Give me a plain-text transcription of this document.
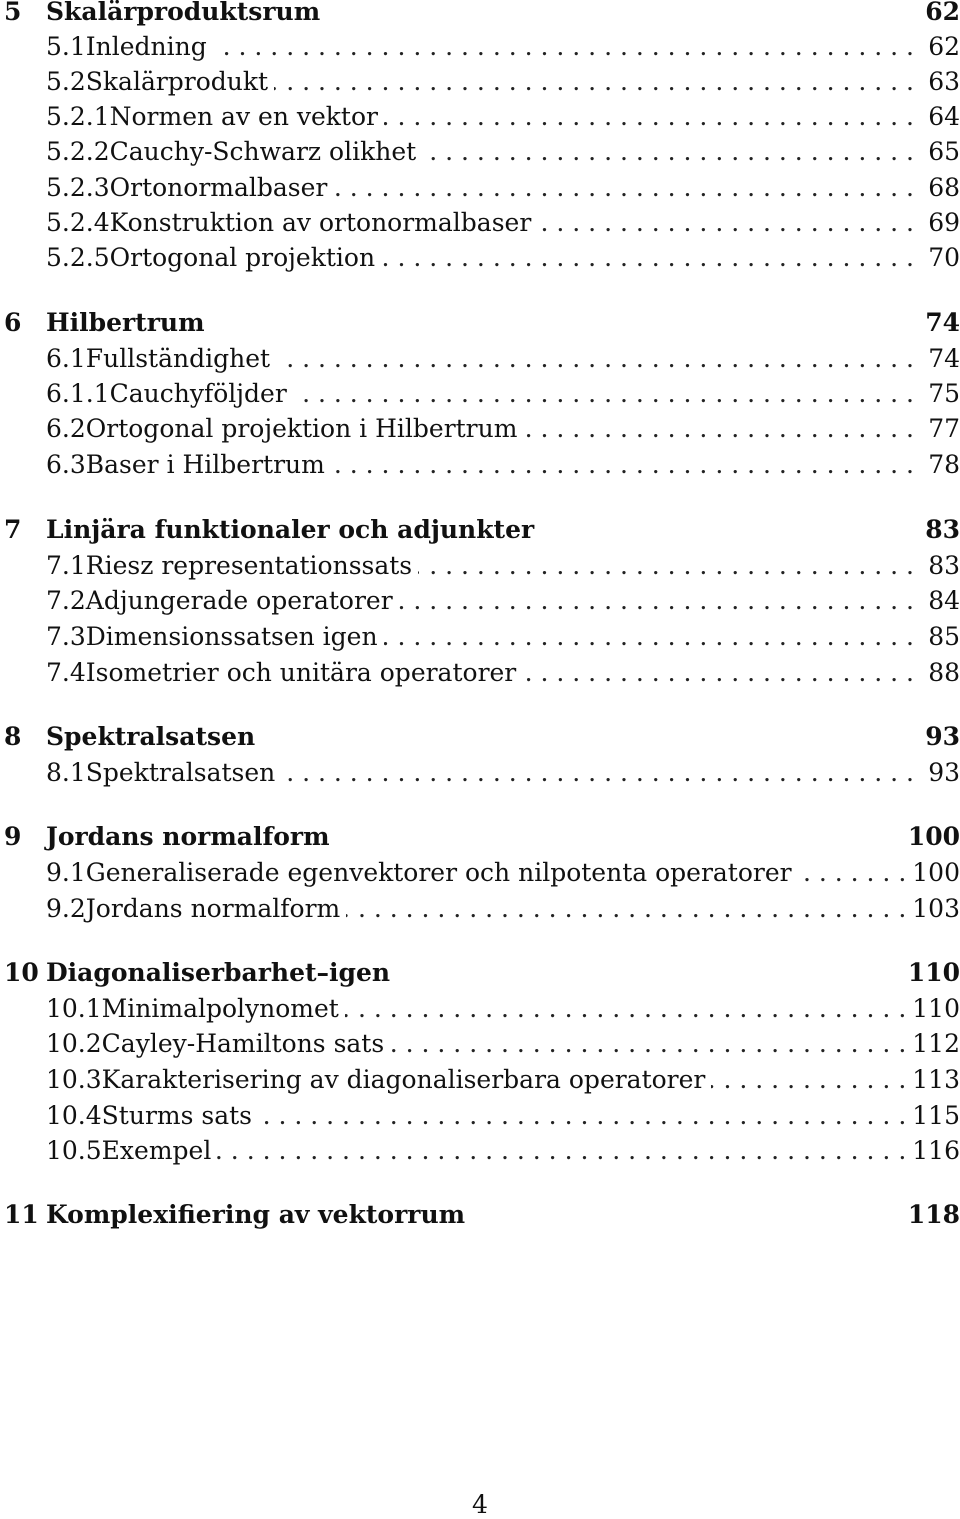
5 Skalärproduktsrum	62
5.1 Inledning . . .	62
5.2 Skalärprodukt . . .	63
5.2.1 Normen av en vektor . . .	64
5.2.2 Cauchy-Schwarz olikhet . . .	65
5.2.3 Ortonormalbaser . . .	68
5.2.4 Konstruktion av ortonormalbaser . . .	69
5.2.5 Ortogonal projektion . . .	70
6 Hilbertrum	74
6.1 Fullständighet . . .	74
6.1.1 Cauchyföljder . . .	75
6.2 Ortogonal projektion i Hilbertrum . . .	77
6.3 Baser i Hilbertrum . . .	78
7 Linjära funktionaler och adjunkter	83
7.1 Riesz representationssats . . .	83
7.2 Adjungerade operatorer . . .	84
7.3 Dimensionssatsen igen . . .	85
7.4 Isometrier och unitära operatorer . . .	88
8 Spektralsatsen	93
8.1 Spektralsatsen . . .	93
9 Jordans normalform	100
9.1 Generaliserade egenvektorer och nilpotenta operatorer . . .	100
9.2 Jordans normalform . . .	103
10 Diagonaliserbarhet–igen	110
10.1 Minimalpolynomet . . .	110
10.2 Cayley-Hamiltons sats . . .	112
10.3 Karakterisering av diagonaliserbara operatorer . . .	113
10.4 Sturms sats . . .	115
10.5 Exempel . . .	116
11 Komplexifiering av vektorrum	118
4
